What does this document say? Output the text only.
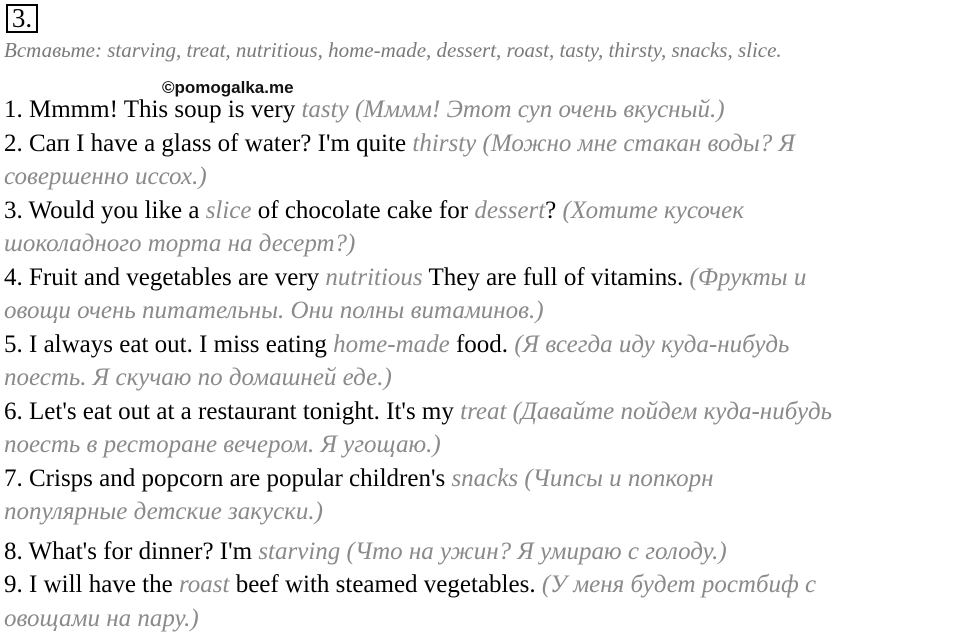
3.
Вставьте: starving, treat, nutritious, home-made, dessert, roast, tasty, thirsty, snacks, slice.
©pomogalka.me
1. Mmmm! This soup is very tasty (Мммм! Этот суп очень вкусный.)
2. Сап I have a glass of water? I'm quite thirsty (Можно мне стакан воды? Я
совершенно иссох.)
3. Would you like a slice of chocolate cake for dessert? (Хотите кусочек
шоколадного торта на десерт?)
4. Fruit and vegetables are very nutritious They are full of vitamins. (Фрукты и
овощи очень питательны. Они полны витаминов.)
5. I always eat out. I miss eating home-made food. (Я всегда иду куда-нибудь
поесть. Я скучаю по домашней еде.)
6. Let's eat out at a restaurant tonight. It's my treat (Давайте пойдем куда-нибудь
поесть в ресторане вечером. Я угощаю.)
7. Crisps and popcorn are popular children's snacks (Чипсы и попкорн
популярные детские закуски.)
8. What's for dinner? I'm starving (Что на ужин? Я умираю с голоду.)
9. I will have the roast beef with steamed vegetables. (У меня будет ростбиф с
овощами на пару.)
